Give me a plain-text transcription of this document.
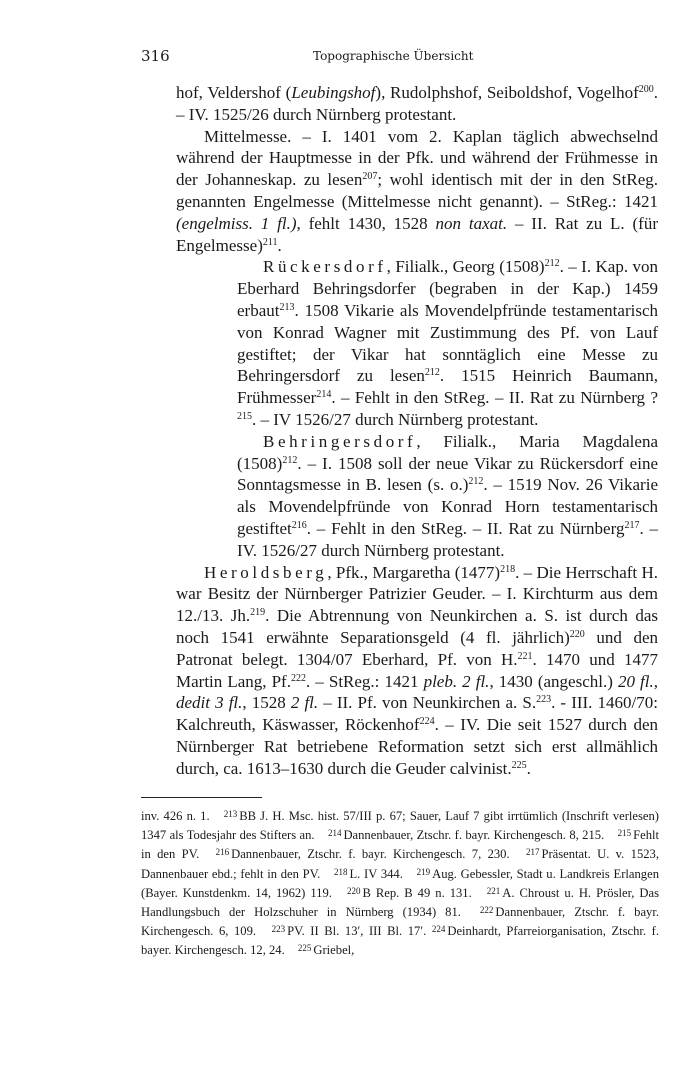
316	Topographische Übersicht

hof, Veldershof (Leubingshof), Rudolphshof, Seiboldshof, Vogelhof$^{200}$. – IV. 1525/26 durch Nürnberg protestant.

Mittelmesse. – I. 1401 vom 2. Kaplan täglich abwechselnd während der Hauptmesse in der Pfk. und während der Frühmesse in der Johanneskap. zu lesen$^{207}$; wohl identisch mit der in den StReg. genannten Engelmesse (Mittelmesse nicht genannt). – StReg.: 1421 (engelmiss. 1 fl.), fehlt 1430, 1528 non taxat. – II. Rat zu L. (für Engelmesse)$^{211}$.

Rückersdorf, Filialk., Georg $(1508)^{212}$. – I. Kap. von Eberhard Behringsdorfer (begraben in der Kap.) 1459 erbaut$^{213}$. 1508 Vikarie als Movendelpfründe testamentarisch von Konrad Wagner mit Zustimmung des Pf. von Lauf gestiftet; der Vikar hat sonntäglich eine Messe zu Behringersdorf zu lesen$^{212}$. 1515 Heinrich Baumann, Frühmesser$^{214}$. – Fehlt in den StReg. – II. Rat zu Nürnberg ?$^{215}$. – IV 1526/27 durch Nürnberg protestant.

Behringersdorf, Filialk., Maria Magdalena $(1508)^{212}$. – I. 1508 soll der neue Vikar zu Rückersdorf eine Sonntagsmesse in B. lesen (s. o.)$^{212}$. – 1519 Nov. 26 Vikarie als Movendelpfründe von Konrad Horn testamentarisch gestiftet$^{216}$. – Fehlt in den StReg. – II. Rat zu Nürnberg$^{217}$. – IV. 1526/27 durch Nürnberg protestant.

Heroldsberg, Pfk., Margaretha $(1477)^{218}$. – Die Herrschaft H. war Besitz der Nürnberger Patrizier Geuder. – I. Kirchturm aus dem 12./13. Jh.$^{219}$. Die Abtrennung von Neunkirchen a. S. ist durch das noch 1541 erwähnte Separationsgeld (4 fl. jährlich)$^{220}$ und den Patronat belegt. 1304/07 Eberhard, Pf. von H.$^{221}$. 1470 und 1477 Martin Lang, Pf.$^{222}$. – StReg.: 1421 pleb. 2 fl., 1430 (angeschl.) 20 fl., dedit 3 fl., 1528 2 fl. – II. Pf. von Neunkirchen a. S.$^{223}$. - III. 1460/70: Kalchreuth, Käswasser, Röckenhof$^{224}$. – IV. Die seit 1527 durch den Nürnberger Rat betriebene Reformation setzt sich erst allmählich durch, ca. 1613–1630 durch die Geuder calvinist.$^{225}$.

inv. 426 n. 1. $^{213}$ BB J. H. Msc. hist. 57/III p. 67; Sauer, Lauf 7 gibt irrtümlich (Inschrift verlesen) 1347 als Todesjahr des Stifters an. $^{214}$ Dannenbauer, Ztschr. f. bayr. Kirchengesch. 8, 215. $^{215}$ Fehlt in den PV. $^{216}$ Dannenbauer, Ztschr. f. bayr. Kirchengesch. 7, 230. $^{217}$ Präsentat. U. v. 1523, Dannenbauer ebd.; fehlt in den PV. $^{218}$ L. IV 344. $^{219}$ Aug. Gebessler, Stadt u. Landkreis Erlangen (Bayer. Kunstdenkm. 14, 1962) 119. $^{220}$ B Rep. B 49 n. 131. $^{221}$ A. Chroust u. H. Prösler, Das Handlungsbuch der Holzschuher in Nürnberg (1934) 81. $^{222}$ Dannenbauer, Ztschr. f. bayr. Kirchengesch. 6, 109. $^{223}$ PV. II Bl. 13′, III Bl. 17′. $^{224}$ Deinhardt, Pfarreiorganisation, Ztschr. f. bayer. Kirchengesch. 12, 24. $^{225}$ Griebel,
